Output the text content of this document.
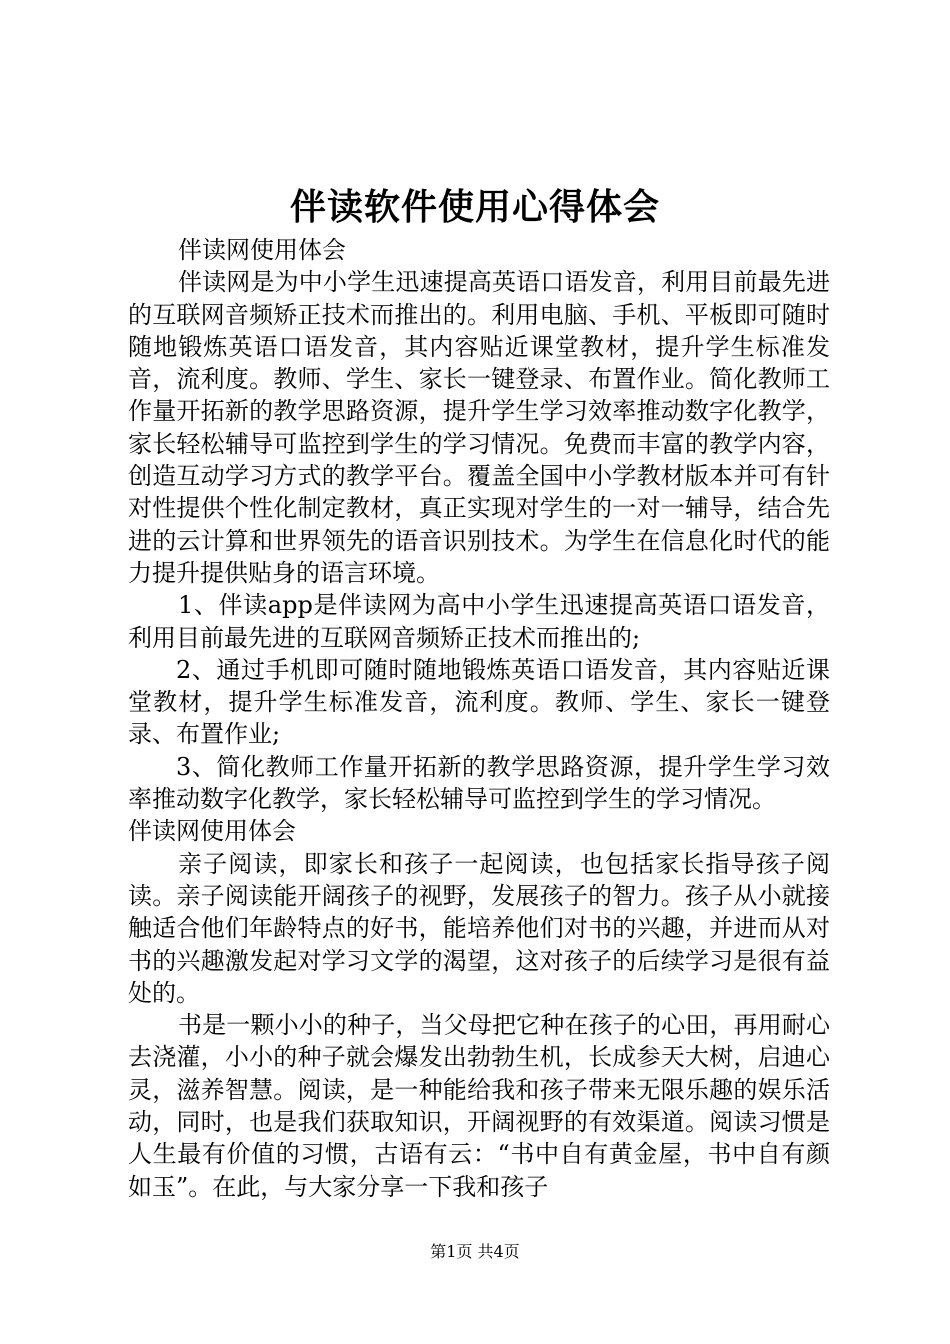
伴读软件使用心得体会

伴读网使用体会

伴读网是为中小学生迅速提高英语口语发音，利用目前最先进的互联网音频矫正技术而推出的。利用电脑、手机、平板即可随时随地锻炼英语口语发音，其内容贴近课堂教材，提升学生标准发音，流利度。教师、学生、家长一键登录、布置作业。简化教师工作量开拓新的教学思路资源，提升学生学习效率推动数字化教学，家长轻松辅导可监控到学生的学习情况。免费而丰富的教学内容，创造互动学习方式的教学平台。覆盖全国中小学教材版本并可有针对性提供个性化制定教材，真正实现对学生的一对一辅导，结合先进的云计算和世界领先的语音识别技术。为学生在信息化时代的能力提升提供贴身的语言环境。

1、伴读app是伴读网为高中小学生迅速提高英语口语发音，利用目前最先进的互联网音频矫正技术而推出的;

2、通过手机即可随时随地锻炼英语口语发音，其内容贴近课堂教材，提升学生标准发音，流利度。教师、学生、家长一键登录、布置作业;

3、简化教师工作量开拓新的教学思路资源，提升学生学习效率推动数字化教学，家长轻松辅导可监控到学生的学习情况。

伴读网使用体会

亲子阅读，即家长和孩子一起阅读，也包括家长指导孩子阅读。亲子阅读能开阔孩子的视野，发展孩子的智力。孩子从小就接触适合他们年龄特点的好书，能培养他们对书的兴趣，并进而从对书的兴趣激发起对学习文学的渴望，这对孩子的后续学习是很有益处的。

书是一颗小小的种子，当父母把它种在孩子的心田，再用耐心去浇灌，小小的种子就会爆发出勃勃生机，长成参天大树，启迪心灵，滋养智慧。阅读，是一种能给我和孩子带来无限乐趣的娱乐活动，同时，也是我们获取知识，开阔视野的有效渠道。阅读习惯是人生最有价值的习惯，古语有云：“书中自有黄金屋，书中自有颜如玉”。在此，与大家分享一下我和孩子

第1页 共4页
